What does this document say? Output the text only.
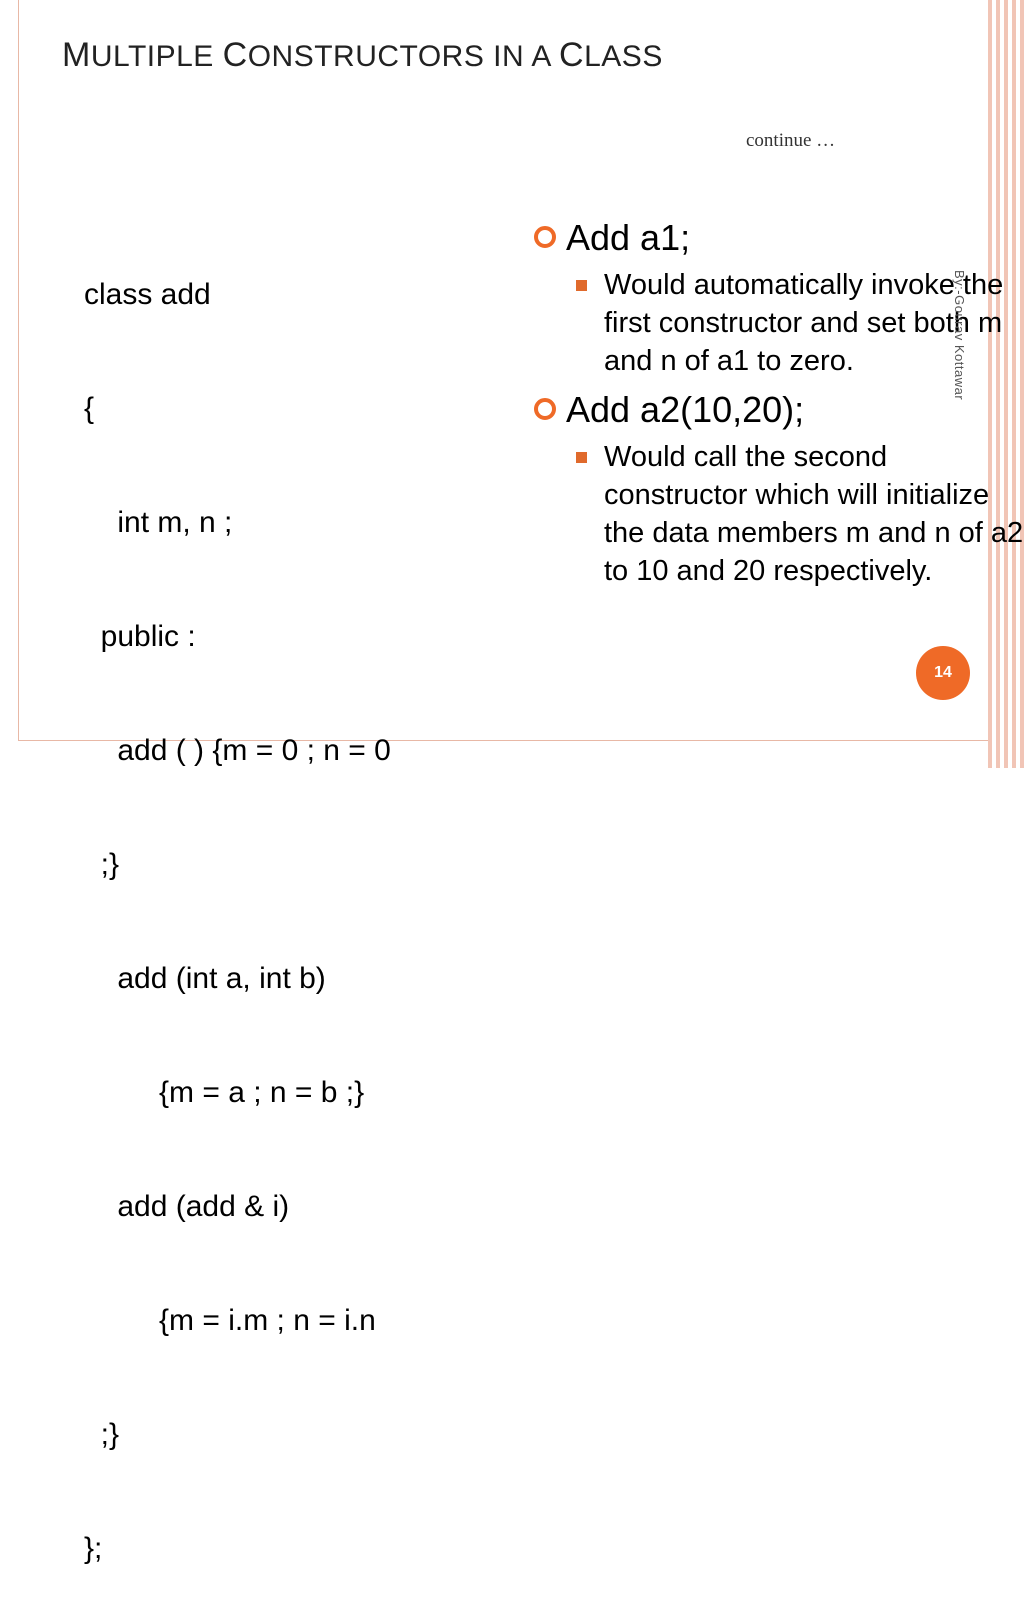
MULTIPLE CONSTRUCTORS IN A CLASS
continue …

class add

{

int m, n ;

public :

add ( ) {m = 0 ; n = 0

;}

add (int a, int b)

{m = a ; n = b ;}

add (add & i)

{m = i.m ; n = i.n

;}

};

Add a1;
Would automatically invoke the first constructor and set both m and n of a1 to zero.
Add a2(10,20);
Would call the second constructor which will initialize the data members m and n of a2 to 10 and 20 respectively.
By:-Gourav Kottawar
14
